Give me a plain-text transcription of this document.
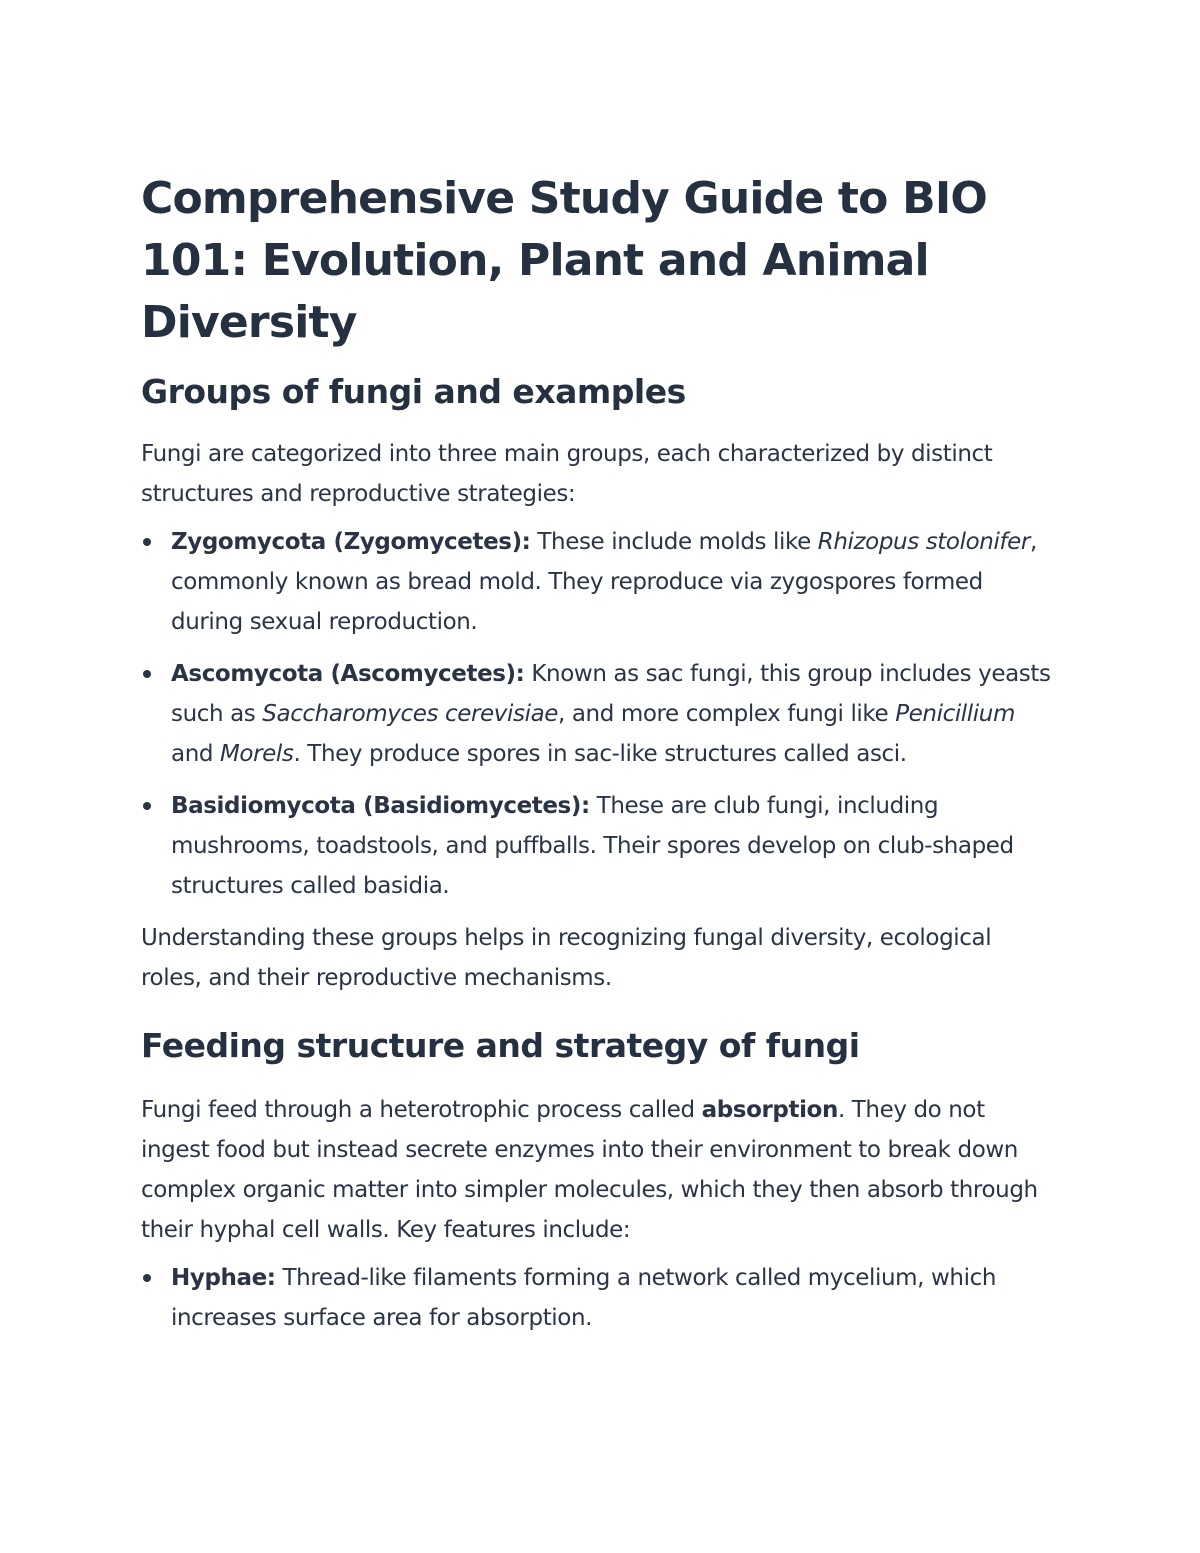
Comprehensive Study Guide to BIO 101: Evolution, Plant and Animal Diversity
Groups of fungi and examples

Fungi are categorized into three main groups, each characterized by distinct structures and reproductive strategies:

Zygomycota (Zygomycetes): These include molds like Rhizopus stolonifer, commonly known as bread mold. They reproduce via zygospores formed during sexual reproduction.
Ascomycota (Ascomycetes): Known as sac fungi, this group includes yeasts such as Saccharomyces cerevisiae, and more complex fungi like Penicillium and Morels. They produce spores in sac-like structures called asci.
Basidiomycota (Basidiomycetes): These are club fungi, including mushrooms, toadstools, and puffballs. Their spores develop on club-shaped structures called basidia.

Understanding these groups helps in recognizing fungal diversity, ecological roles, and their reproductive mechanisms.

Feeding structure and strategy of fungi

Fungi feed through a heterotrophic process called absorption. They do not ingest food but instead secrete enzymes into their environment to break down complex organic matter into simpler molecules, which they then absorb through their hyphal cell walls. Key features include:

Hyphae: Thread-like filaments forming a network called mycelium, which increases surface area for absorption.
